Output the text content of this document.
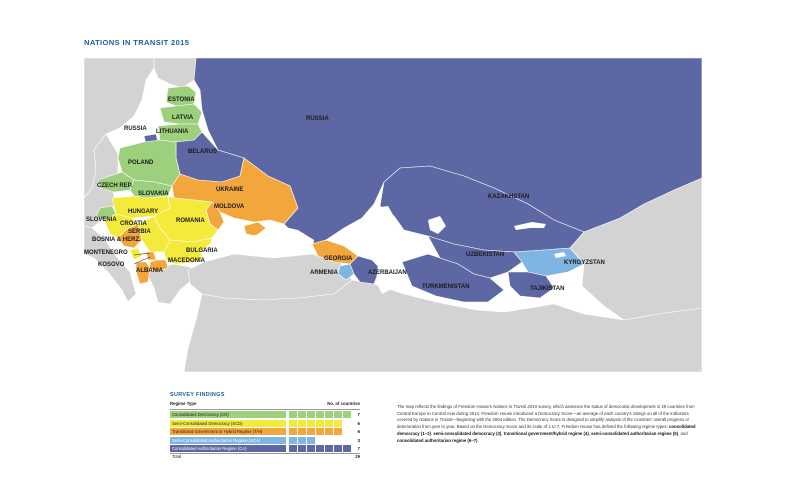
NATIONS IN TRANSIT 2015
RUSSIA
RUSSIA
ESTONIA
LATVIA
LITHUANIA
BELARUS
POLAND
CZECH REP.
SLOVAKIA
UKRAINE
MOLDOVA
HUNGARY
SLOVENIA
CROATIA	ROMANIA
SERBIA
BOSNIA & HERZ.
MONTENEGRO
KOSOVO
BULGARIA
MACEDONIA
ALBANIA
GEORGIA
ARMENIA	AZERBAIJAN
KAZAKHSTAN
UZBEKISTAN
TURKMENISTAN
KYRGYZSTAN
TAJIKISTAN
SURVEY FINDINGS
Regime Type	No. of countries
Consolidated Democracy (CD)	7
Semi-Consolidated Democracy (SCD)	6
Transitional Government or Hybrid Regime (T/H)	6
Semi-Consolidated Authoritarian Regime (SCA)	3
Consolidated Authoritarian Regime (CA)	7
Total	29
The map reflects the findings of Freedom House's Nations in Transit 2015 survey, which assesses the status of democratic development in 29 countries from Central Europe to Central Asia during 2014. Freedom House introduced a Democracy Score—an average of each country's ratings on all of the indicators covered by Nations in Transit—beginning with the 2004 edition. The Democracy Score is designed to simplify analysis of the countries' overall progress or deterioration from year to year. Based on the Democracy Score and its scale of 1 to 7, Freedom House has defined the following regime types: consolidated democracy (1–2), semi-consolidated democracy (3), transitional government/hybrid regime (4), semi-consolidated authoritarian regime (5), and consolidated authoritarian regime (6–7).
